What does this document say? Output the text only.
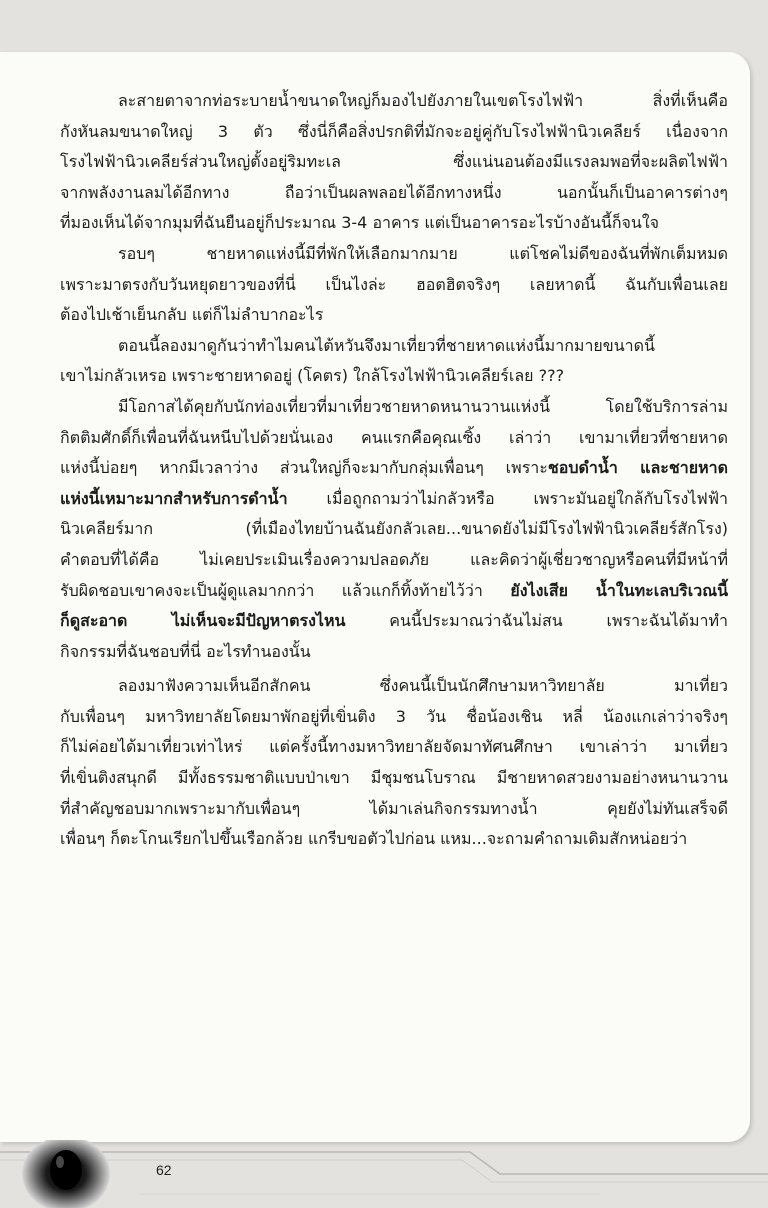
ละสายตาจากท่อระบายน้ำขนาดใหญ่ก็มองไปยังภายในเขตโรงไฟฟ้า สิ่งที่เห็นคือ
กังหันลมขนาดใหญ่ 3 ตัว ซึ่งนี่ก็คือสิ่งปรกติที่มักจะอยู่คู่กับโรงไฟฟ้านิวเคลียร์ เนื่องจาก
โรงไฟฟ้านิวเคลียร์ส่วนใหญ่ตั้งอยู่ริมทะเล ซึ่งแน่นอนต้องมีแรงลมพอที่จะผลิตไฟฟ้า
จากพลังงานลมได้อีกทาง ถือว่าเป็นผลพลอยได้อีกทางหนึ่ง นอกนั้นก็เป็นอาคารต่างๆ
ที่มองเห็นได้จากมุมที่ฉันยืนอยู่ก็ประมาณ 3-4 อาคาร แต่เป็นอาคารอะไรบ้างอันนี้ก็จนใจ
รอบๆ ชายหาดแห่งนี้มีที่พักให้เลือกมากมาย แต่โชคไม่ดีของฉันที่พักเต็มหมด
เพราะมาตรงกับวันหยุดยาวของที่นี่ เป็นไงล่ะ ฮอตฮิตจริงๆ เลยหาดนี้ ฉันกับเพื่อนเลย
ต้องไปเช้าเย็นกลับ แต่ก็ไม่ลำบากอะไร
ตอนนี้ลองมาดูกันว่าทำไมคนไต้หวันจึงมาเที่ยวที่ชายหาดแห่งนี้มากมายขนาดนี้
เขาไม่กลัวเหรอ เพราะชายหาดอยู่ (โคตร) ใกล้โรงไฟฟ้านิวเคลียร์เลย ???
มีโอกาสได้คุยกับนักท่องเที่ยวที่มาเที่ยวชายหาดหนานวานแห่งนี้ โดยใช้บริการล่าม
กิตติมศักดิ์ก็เพื่อนที่ฉันหนีบไปด้วยนั่นเอง คนแรกคือคุณเซิ้ง เล่าว่า เขามาเที่ยวที่ชายหาด
แห่งนี้บ่อยๆ หากมีเวลาว่าง ส่วนใหญ่ก็จะมากับกลุ่มเพื่อนๆ เพราะชอบดำน้ำ และชายหาด
แห่งนี้เหมาะมากสำหรับการดำน้ำ เมื่อถูกถามว่าไม่กลัวหรือ เพราะมันอยู่ใกล้กับโรงไฟฟ้า
นิวเคลียร์มาก (ที่เมืองไทยบ้านฉันยังกลัวเลย...ขนาดยังไม่มีโรงไฟฟ้านิวเคลียร์สักโรง)
คำตอบที่ได้คือ ไม่เคยประเมินเรื่องความปลอดภัย และคิดว่าผู้เชี่ยวชาญหรือคนที่มีหน้าที่
รับผิดชอบเขาคงจะเป็นผู้ดูแลมากกว่า แล้วแกก็ทิ้งท้ายไว้ว่า ยังไงเสีย น้ำในทะเลบริเวณนี้
ก็ดูสะอาด ไม่เห็นจะมีปัญหาตรงไหน คนนี้ประมาณว่าฉันไม่สน เพราะฉันได้มาทำ
กิจกรรมที่ฉันชอบที่นี่ อะไรทำนองนั้น
ลองมาฟังความเห็นอีกสักคน ซึ่งคนนี้เป็นนักศึกษามหาวิทยาลัย มาเที่ยว
กับเพื่อนๆ มหาวิทยาลัยโดยมาพักอยู่ที่เขิ่นติง 3 วัน ชื่อน้องเชิน หลี่ น้องแกเล่าว่าจริงๆ
ก็ไม่ค่อยได้มาเที่ยวเท่าไหร่ แต่ครั้งนี้ทางมหาวิทยาลัยจัดมาทัศนศึกษา เขาเล่าว่า มาเที่ยว
ที่เขิ่นติงสนุกดี มีทั้งธรรมชาติแบบป่าเขา มีชุมชนโบราณ มีชายหาดสวยงามอย่างหนานวาน
ที่สำคัญชอบมากเพราะมากับเพื่อนๆ ได้มาเล่นกิจกรรมทางน้ำ คุยยังไม่ทันเสร็จดี
เพื่อนๆ ก็ตะโกนเรียกไปขึ้นเรือกล้วย แกรีบขอตัวไปก่อน แหม...จะถามคำถามเดิมสักหน่อยว่า
62
